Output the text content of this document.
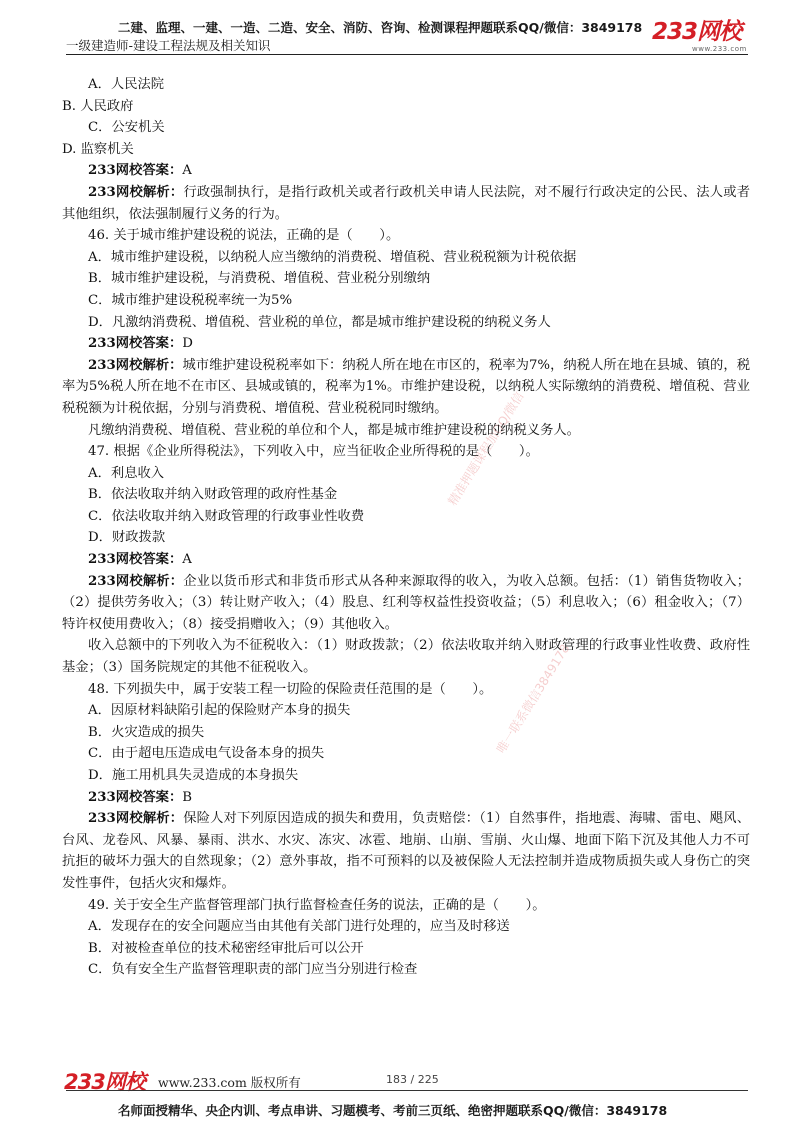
二建、监理、一建、一造、二造、安全、消防、咨询、检测课程押题联系QQ/微信：3849178
一级建造师-建设工程法规及相关知识
233网校
www.233.com
精准押题课程加QQ/微信
唯一联系微信3849178
A．人民法院
B. 人民政府
C．公安机关
D. 监察机关
233网校答案：A
233网校解析：行政强制执行，是指行政机关或者行政机关申请人民法院，对不履行行政决定的公民、法人或者其他组织，依法强制履行义务的行为。
46. 关于城市维护建设税的说法，正确的是（　　）。
A．城市维护建设税，以纳税人应当缴纳的消费税、增值税、营业税税额为计税依据
B．城市维护建设税，与消费税、增值税、营业税分别缴纳
C．城市维护建设税税率统一为5%
D．凡激纳消费税、增值税、营业税的单位，都是城市维护建设税的纳税义务人
233网校答案：D
233网校解析：城市维护建设税税率如下：纳税人所在地在市区的，税率为7%，纳税人所在地在县城、镇的，税率为5%税人所在地不在市区、县城或镇的，税率为1%。市维护建设税，以纳税人实际缴纳的消费税、增值税、营业税税额为计税依据，分别与消费税、增值税、营业税税同时缴纳。
凡缴纳消费税、增值税、营业税的单位和个人，都是城市维护建设税的纳税义务人。
47. 根据《企业所得税法》，下列收入中，应当征收企业所得税的是（　　）。
A．利息收入
B．依法收取并纳入财政管理的政府性基金
C．依法收取并纳入财政管理的行政事业性收费
D．财政拨款
233网校答案：A
233网校解析：企业以货币形式和非货币形式从各种来源取得的收入，为收入总额。包括：（1）销售货物收入；（2）提供劳务收入；（3）转让财产收入；（4）股息、红利等权益性投资收益；（5）利息收入；（6）租金收入；（7）特许权使用费收入；（8）接受捐赠收入；（9）其他收入。
收入总额中的下列收入为不征税收入：（1）财政拨款；（2）依法收取并纳入财政管理的行政事业性收费、政府性基金；（3）国务院规定的其他不征税收入。
48. 下列损失中，属于安装工程一切险的保险责任范围的是（　　）。
A．因原材料缺陷引起的保险财产本身的损失
B．火灾造成的损失
C．由于超电压造成电气设备本身的损失
D．施工用机具失灵造成的本身损失
233网校答案：B
233网校解析：保险人对下列原因造成的损失和费用，负责赔偿：（1）自然事件，指地震、海啸、雷电、飓风、台风、龙卷风、风暴、暴雨、洪水、水灾、冻灾、冰雹、地崩、山崩、雪崩、火山爆、地面下陷下沉及其他人力不可抗拒的破坏力强大的自然现象；（2）意外事故，指不可预料的以及被保险人无法控制并造成物质损失或人身伤亡的突发性事件，包括火灾和爆炸。
49. 关于安全生产监督管理部门执行监督检查任务的说法，正确的是（　　）。
A．发现存在的安全问题应当由其他有关部门进行处理的，应当及时移送
B．对被检查单位的技术秘密经审批后可以公开
C．负有安全生产监督管理职责的部门应当分别进行检查
233网校 www.233.com 版权所有	183 / 225
名师面授精华、央企内训、考点串讲、习题模考、考前三页纸、绝密押题联系QQ/微信：3849178
